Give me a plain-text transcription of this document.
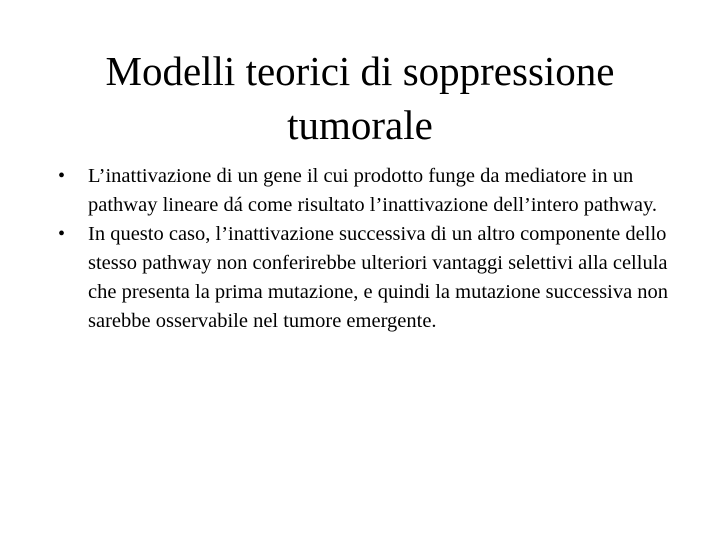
Modelli teorici di soppressione tumorale
•	L’inattivazione di un gene il cui prodotto funge da mediatore in un pathway lineare dá come risultato l’inattivazione dell’intero pathway.
•	In questo caso, l’inattivazione successiva di un altro componente dello stesso pathway non conferirebbe ulteriori vantaggi selettivi alla cellula che presenta la prima mutazione, e quindi la mutazione successiva non sarebbe osservabile nel tumore emergente.
